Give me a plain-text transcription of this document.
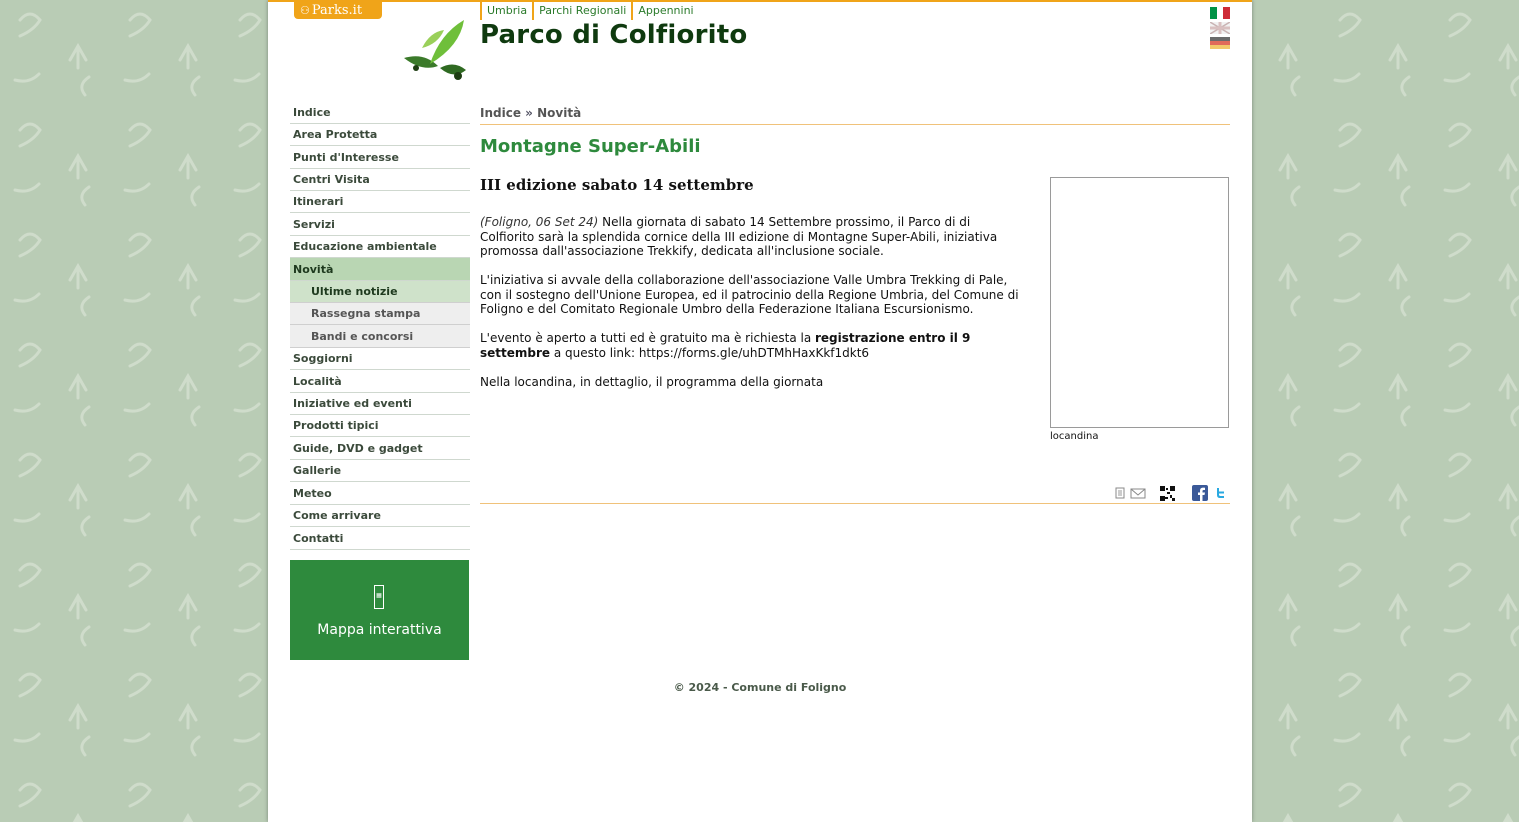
⚇ Parks.it	Umbria	Parchi Regionali	Appennini
Parco di Colfiorito
Indice
Area Protetta
Punti d'Interesse
Centri Visita
Itinerari
Servizi
Educazione ambientale
Novità
Ultime notizie
Rassegna stampa
Bandi e concorsi
Soggiorni
Località
Iniziative ed eventi
Prodotti tipici
Guide, DVD e gadget
Gallerie
Meteo
Come arrivare
Contatti
▦
Mappa interattiva
Indice » Novità
Montagne Super-Abili
III edizione sabato 14 settembre

(Foligno, 06 Set 24) Nella giornata di sabato 14 Settembre prossimo, il Parco di di Colfiorito sarà la splendida cornice della III edizione di Montagne Super-Abili, iniziativa promossa dall'associazione Trekkify, dedicata all'inclusione sociale.

L'iniziativa si avvale della collaborazione dell'associazione Valle Umbra Trekking di Pale, con il sostegno dell'Unione Europea, ed il patrocinio della Regione Umbria, del Comune di Foligno e del Comitato Regionale Umbro della Federazione Italiana Escursionismo.

L'evento è aperto a tutti ed è gratuito ma è richiesta la registrazione entro il 9 settembre a questo link: https://forms.gle/uhDTMhHaxKkf1dkt6

Nella locandina, in dettaglio, il programma della giornata

locandina
© 2024 - Comune di Foligno
